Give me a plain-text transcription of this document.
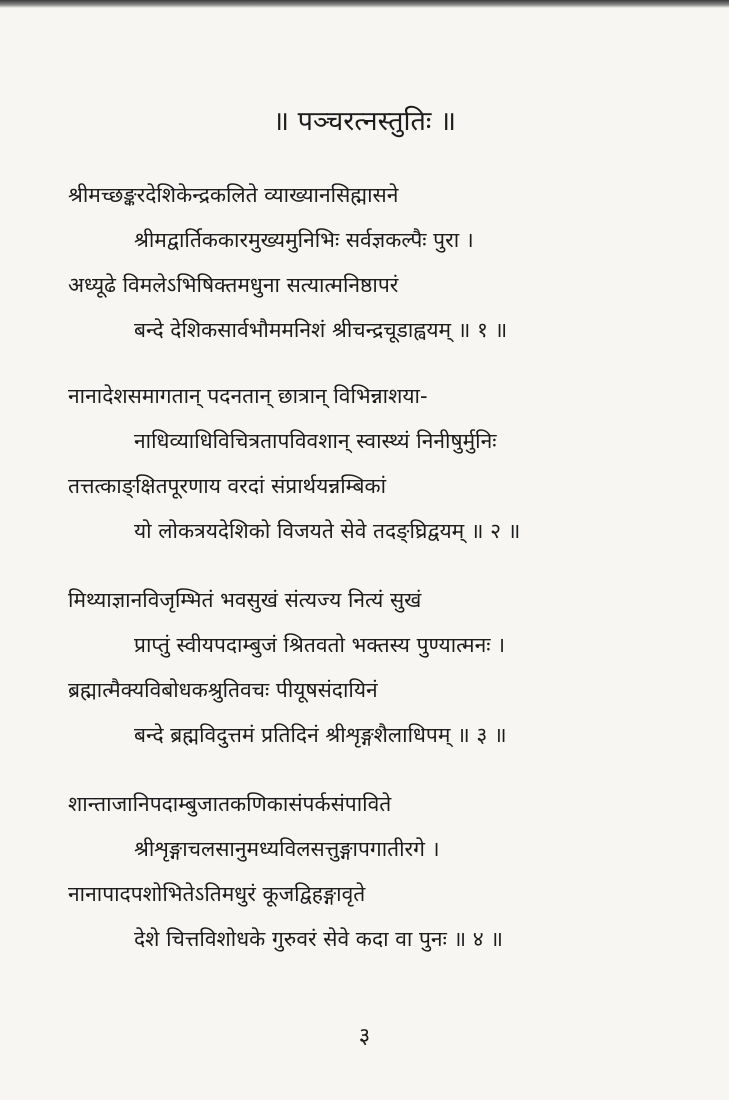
॥ पञ्चरत्नस्तुतिः ॥
श्रीमच्छङ्करदेशिकेन्द्रकलिते व्याख्यानसिह्मासने
श्रीमद्वार्तिककारमुख्यमुनिभिः सर्वज्ञकल्पैः पुरा ।
अध्यूढे विमलेऽभिषिक्तमधुना सत्यात्मनिष्ठापरं
बन्दे देशिकसार्वभौममनिशं श्रीचन्द्रचूडाह्वयम् ॥ १ ॥
नानादेशसमागतान् पदनतान् छात्रान् विभिन्नाशया-
नाधिव्याधिविचित्रतापविवशान् स्वास्थ्यं निनीषुर्मुनिः
तत्तत्काङ्क्षितपूरणाय वरदां संप्रार्थयन्नम्बिकां
यो लोकत्रयदेशिको विजयते सेवे तदङ्घ्रिद्वयम् ॥ २ ॥
मिथ्याज्ञानविजृम्भितं भवसुखं संत्यज्य नित्यं सुखं
प्राप्तुं स्वीयपदाम्बुजं श्रितवतो भक्तस्य पुण्यात्मनः ।
ब्रह्मात्मैक्यविबोधकश्रुतिवचः पीयूषसंदायिनं
बन्दे ब्रह्मविदुत्तमं प्रतिदिनं श्रीशृङ्गशैलाधिपम् ॥ ३ ॥
शान्ताजानिपदाम्बुजातकणिकासंपर्कसंपाविते
श्रीशृङ्गाचलसानुमध्यविलसत्तुङ्गापगातीरगे ।
नानापादपशोभितेऽतिमधुरं कूजद्विहङ्गावृते
देशे चित्तविशोधके गुरुवरं सेवे कदा वा पुनः ॥ ४ ॥
३
